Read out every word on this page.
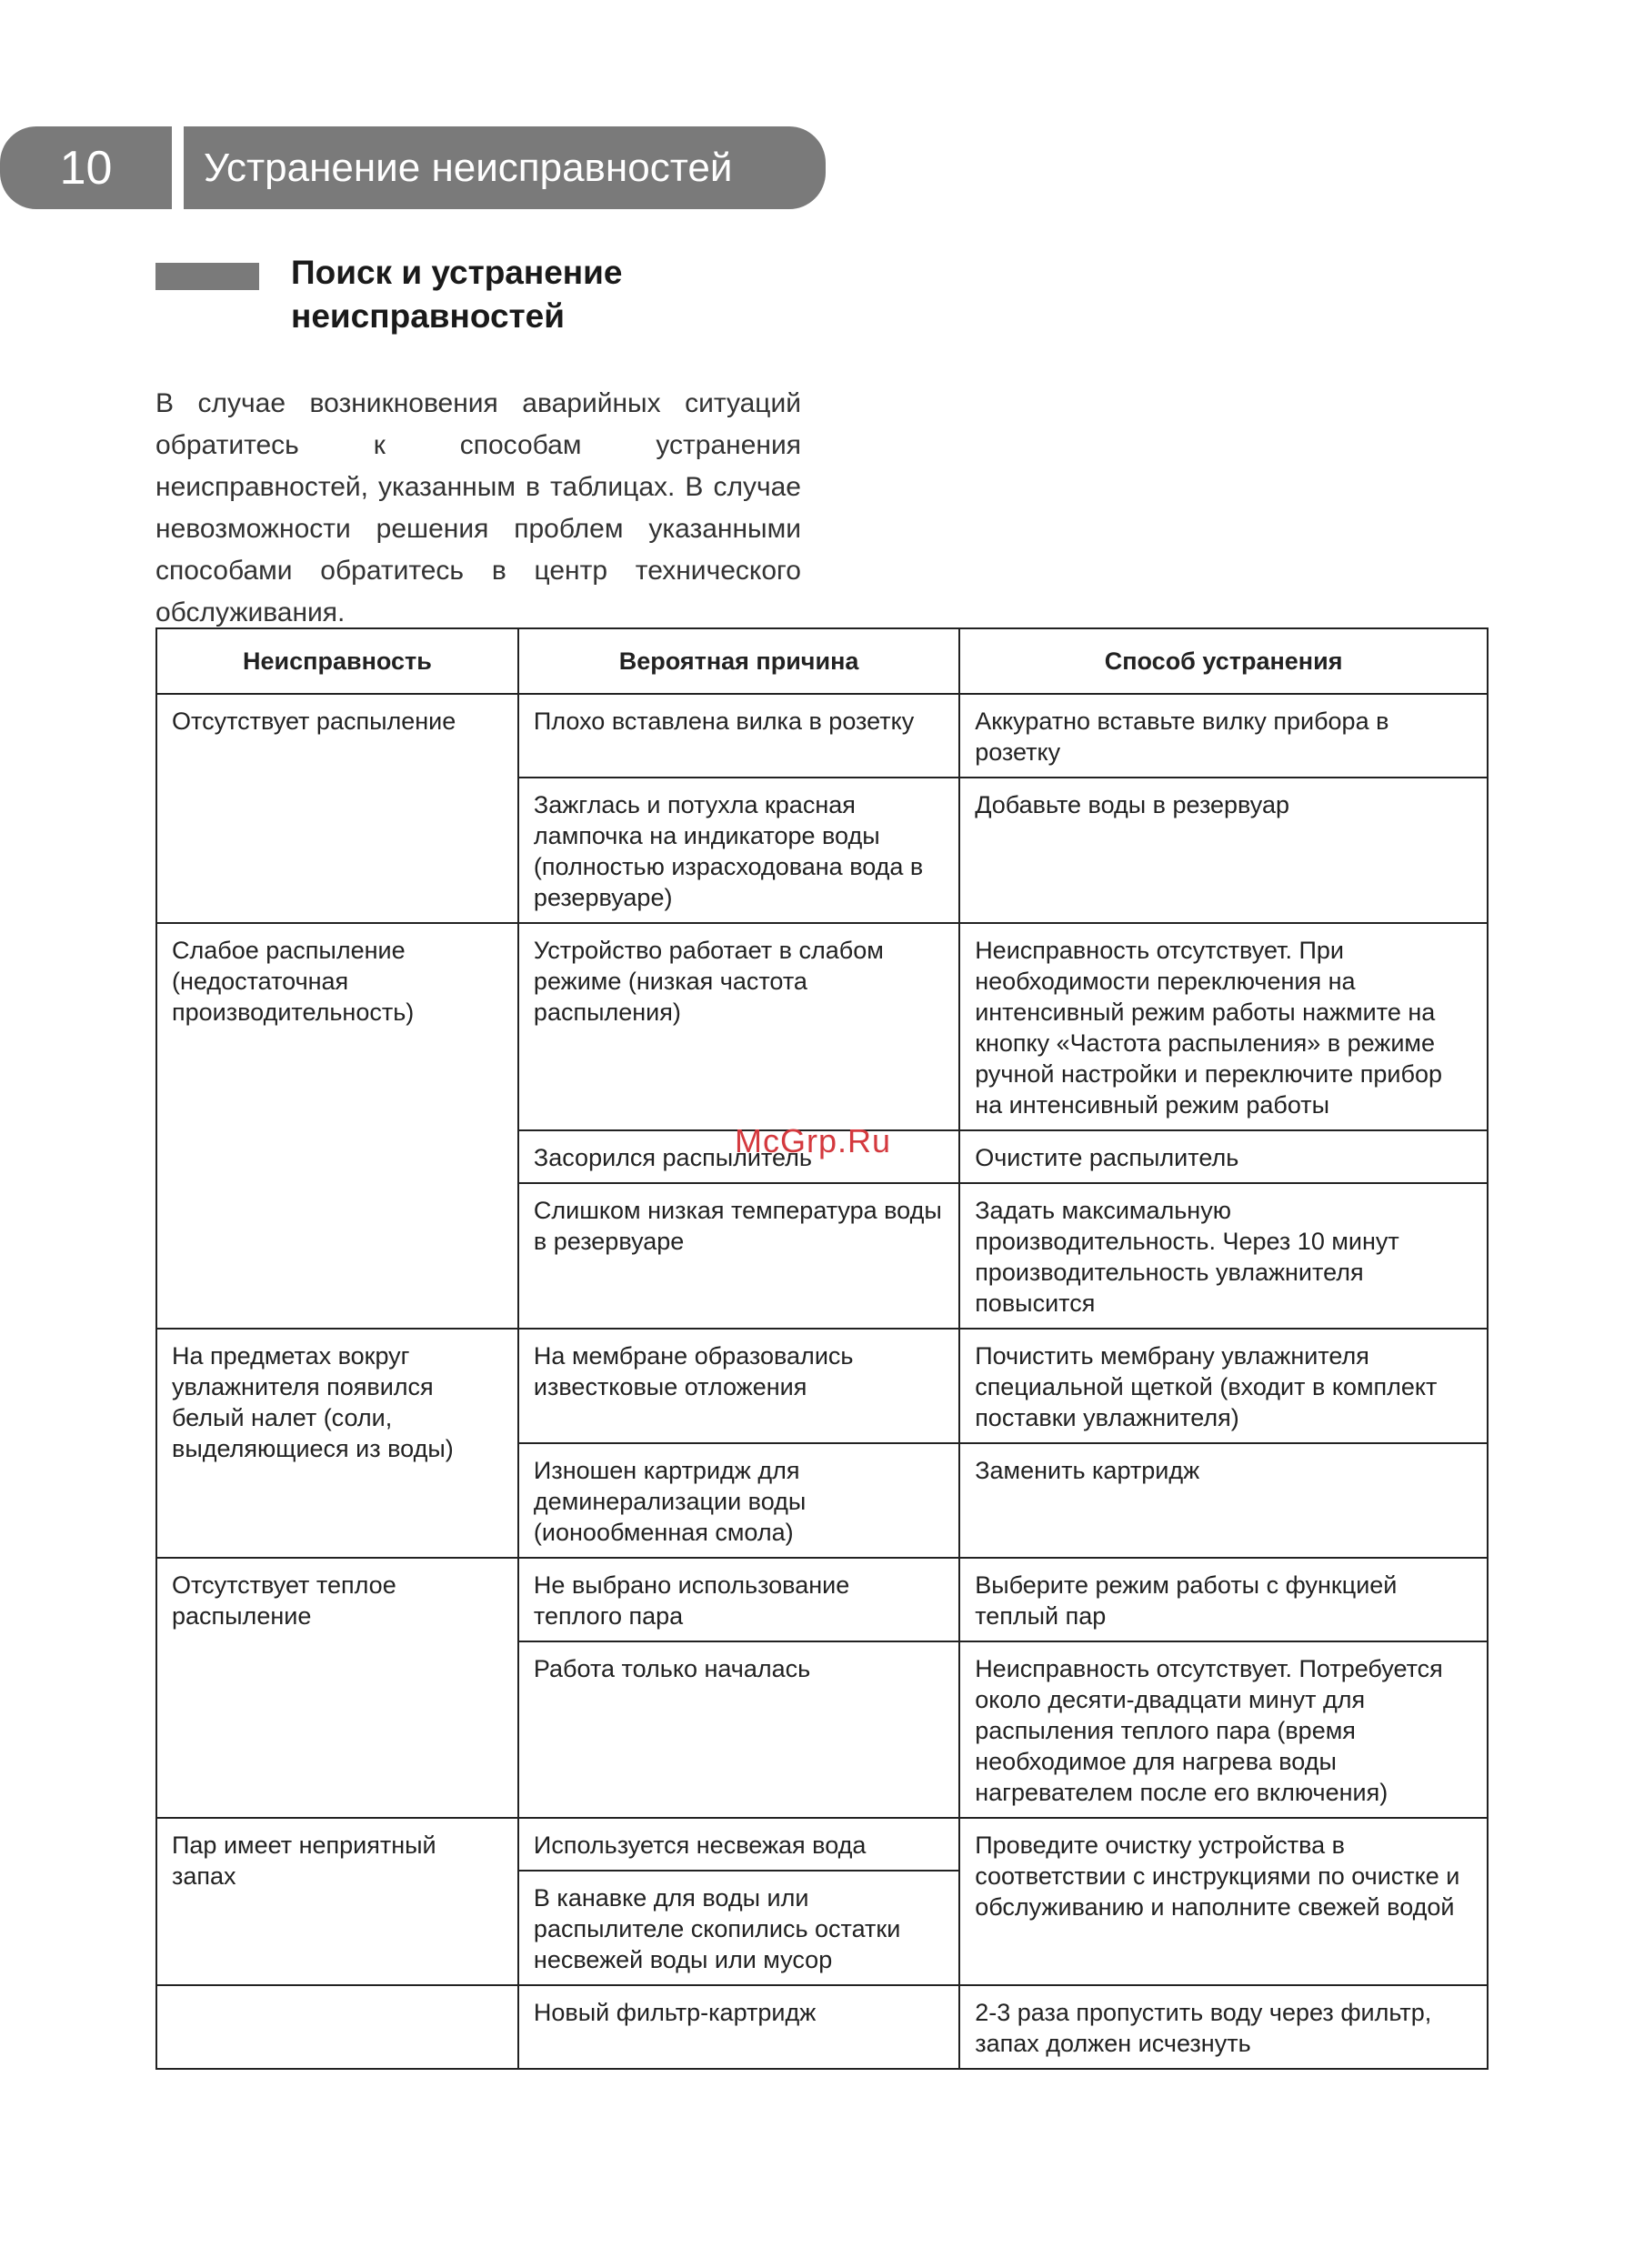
10	Устранение неисправностей
Поиск и устранение
неисправностей

В случае возникновения аварийных ситуаций обратитесь к способам устранения неисправностей, указанным в таблицах. В случае невозможности решения проблем указанными способами обратитесь в центр технического обслуживания.

Неисправность	Вероятная причина	Способ устранения
Отсутствует распыление	Плохо вставлена вилка в розетку	Аккуратно вставьте вилку прибора в розетку
	Зажглась и потухла красная лампочка на индикаторе воды (полностью израсходована вода в резервуаре)	Добавьте воды в резервуар
Слабое распыление (недостаточная производительность)	Устройство работает в слабом режиме (низкая частота распыления)	Неисправность отсутствует. При необходимости переключения на интенсивный режим работы нажмите на кнопку «Частота распыления» в режиме ручной настройки и переключите прибор на интенсивный режим работы
	Засорился распылитель	Очистите распылитель
	Слишком низкая температура воды в резервуаре	Задать максимальную производительность. Через 10 минут производительность увлажнителя повысится
На предметах вокруг увлажнителя появился белый налет (соли, выделяющиеся из воды)	На мембране образовались известковые отложения	Почистить мембрану увлажнителя специальной щеткой (входит в комплект поставки увлажнителя)
	Изношен картридж для деминерализации воды (ионообменная смола)	Заменить картридж
Отсутствует теплое распыление	Не выбрано использование теплого пара	Выберите режим работы с функцией теплый пар
	Работа только началась	Неисправность отсутствует. Потребуется около десяти-двадцати минут для распыления теплого пара (время необходимое для нагрева воды нагревателем после его включения)
Пар имеет неприятный запах	Используется несвежая вода	Проведите очистку устройства в соответствии с инструкциями по очистке и обслуживанию и наполните свежей водой
	В канавке для воды или распылителе скопились остатки несвежей воды или мусор	
	Новый фильтр-картридж	2-3 раза пропустить воду через фильтр, запах должен исчезнуть
McGrp.Ru
